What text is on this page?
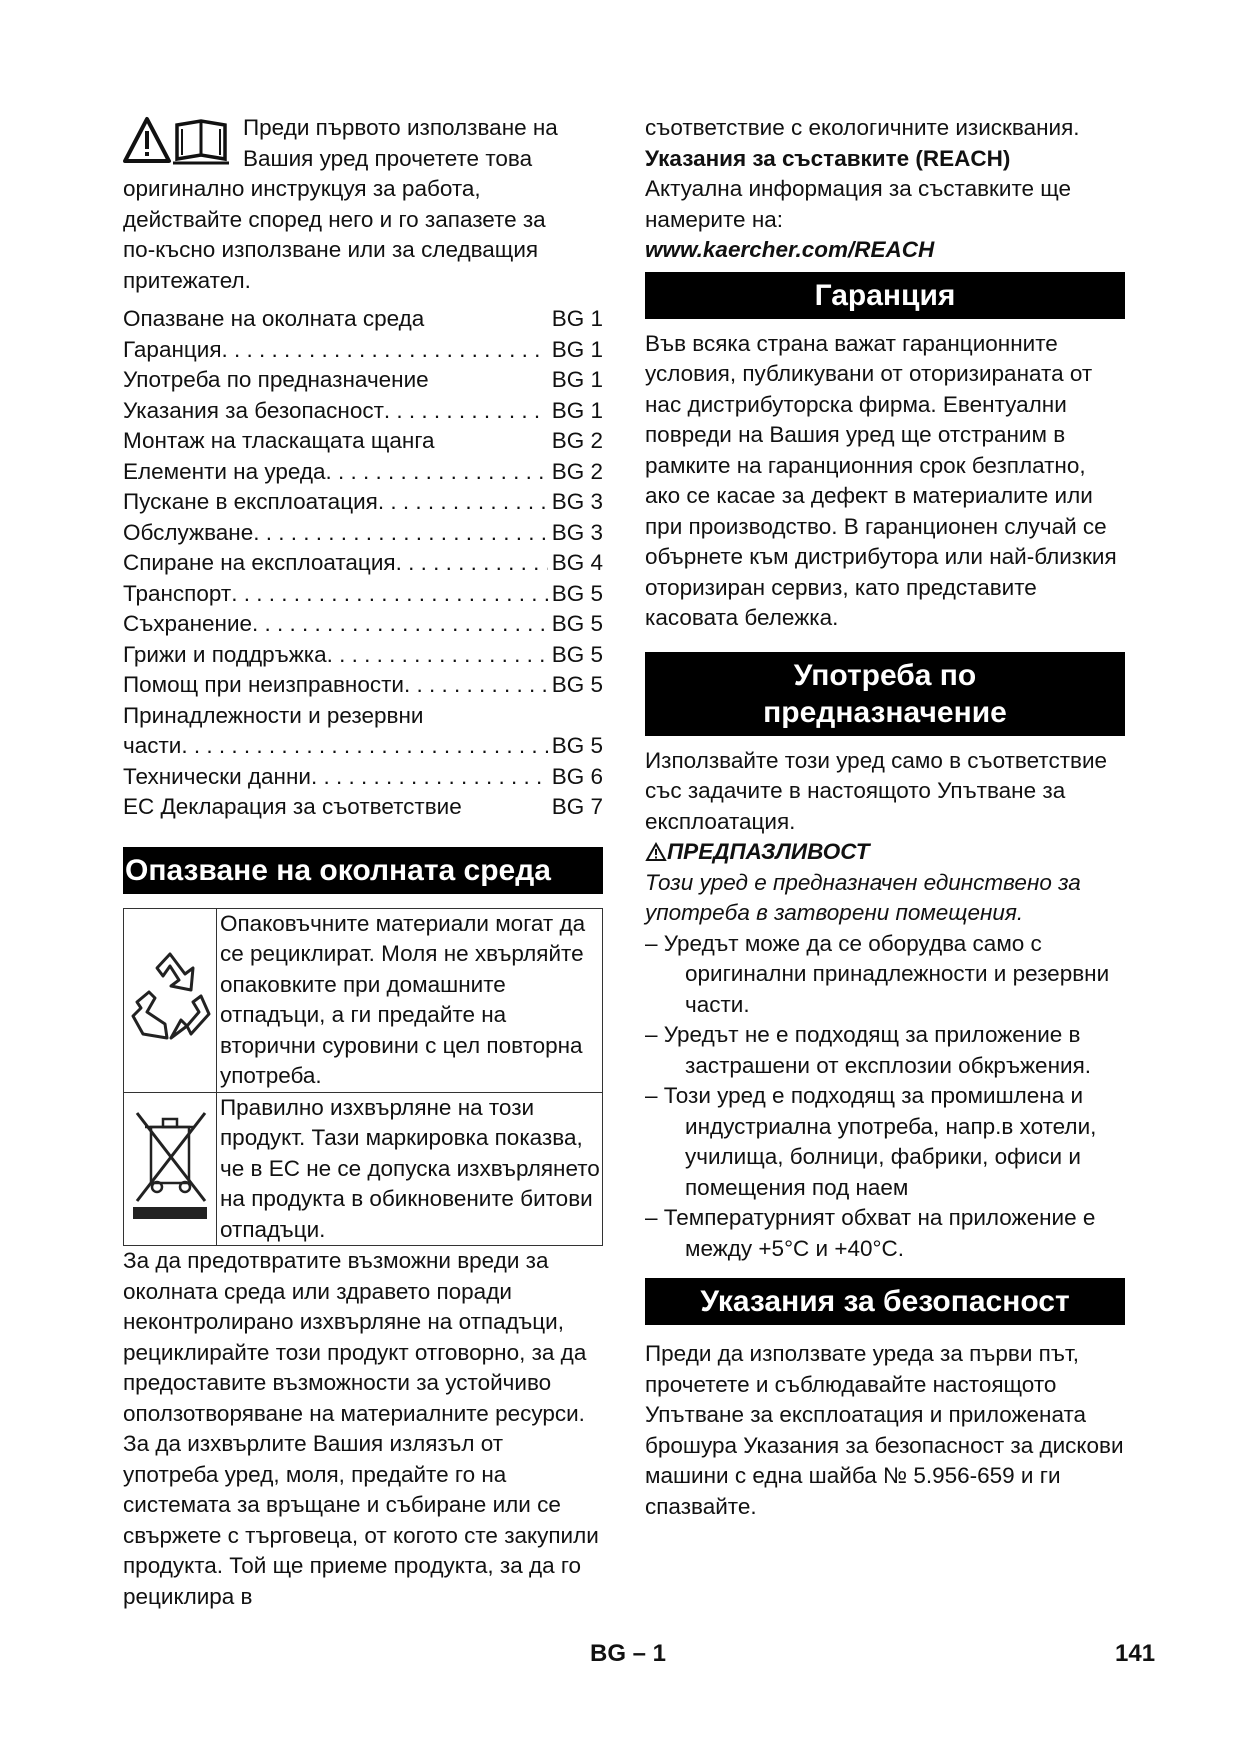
Преди първото използване на

Вашия уред прочетете това

оригинално инструкцуя за работа,

действайте според него и го запазете за

по-късно използване или за следващия

притежател.

Опазване на околната среда	BG 1
Гаранция . . .	BG 1
Употреба по предназначение	BG 1
Указания за безопасност . . .	BG 1
Монтаж на тласкащата щанга	BG 2
Елементи на уреда . . .	BG 2
Пускане в експлоатация . . .	BG 3
Обслужване . . .	BG 3
Спиране на експлоатация . . .	BG 4
Транспорт . . .	BG 5
Съхранение . . .	BG 5
Грижи и поддръжка . . .	BG 5
Помощ при неизправности . . .	BG 5
Принадлежности и резервни
части . . .	BG 5
Технически данни . . .	BG 6
ЕС Декларация за съответствие	BG 7
Опазване на околната среда
	Опаковъчните материали могат да се рециклират. Моля не хвърляйте опаковките при домашните отпадъци, а ги предайте на вторични суровини с цел повторна употреба.
	Правилно изхвърляне на този продукт. Тази маркировка показва, че в ЕС не се допуска изхвърлянето на продукта в обикновените битови отпадъци.

За да предотвратите възможни вреди за околната среда или здравето поради неконтролирано изхвърляне на отпадъци, рециклирайте този продукт отговорно, за да предоставите възможности за устойчиво оползотворяване на материалните ресурси. За да изхвърлите Вашия излязъл от употреба уред, моля, предайте го на системата за връщане и събиране или се свържете с търговеца, от когото сте закупили продукта. Той ще приеме продукта, за да го рециклира в

съответствие с екологичните изисквания.

Указания за съставките (REACH)

Актуална информация за съставките ще намерите на:

www.kaercher.com/REACH

Гаранция

Във всяка страна важат гаранционните условия, публикувани от оторизираната от нас дистрибуторска фирма. Евентуални повреди на Вашия уред ще отстраним в рамките на гаранционния срок безплатно, ако се касае за дефект в материалите или при производство. В гаранционен случай се обърнете към дистрибутора или най-близкия оторизиран сервиз, като представите касовата бележка.

Употреба по
предназначение

Използвайте този уред само в съответствие със задачите в настоящото Упътване за експлоатация.

ПРЕДПАЗЛИВОСТ

Този уред е предназначен единствено за употреба в затворени помещения.

– Уредът може да се оборудва само с оригинални принадлежности и резервни части.
– Уредът не е подходящ за приложение в застрашени от експлозии обкръжения.
– Този уред е подходящ за промишлена и индустриална употреба, напр.в хотели, училища, болници, фабрики, офиси и помещения под наем
– Температурният обхват на приложение е между +5°C и +40°C.
Указания за безопасност

Преди да използвате уреда за първи път, прочетете и съблюдавайте настоящото Упътване за експлоатация и приложената брошура Указания за безопасност за дискови машини с една шайба № 5.956-659 и ги спазвайте.

BG – 1	141
